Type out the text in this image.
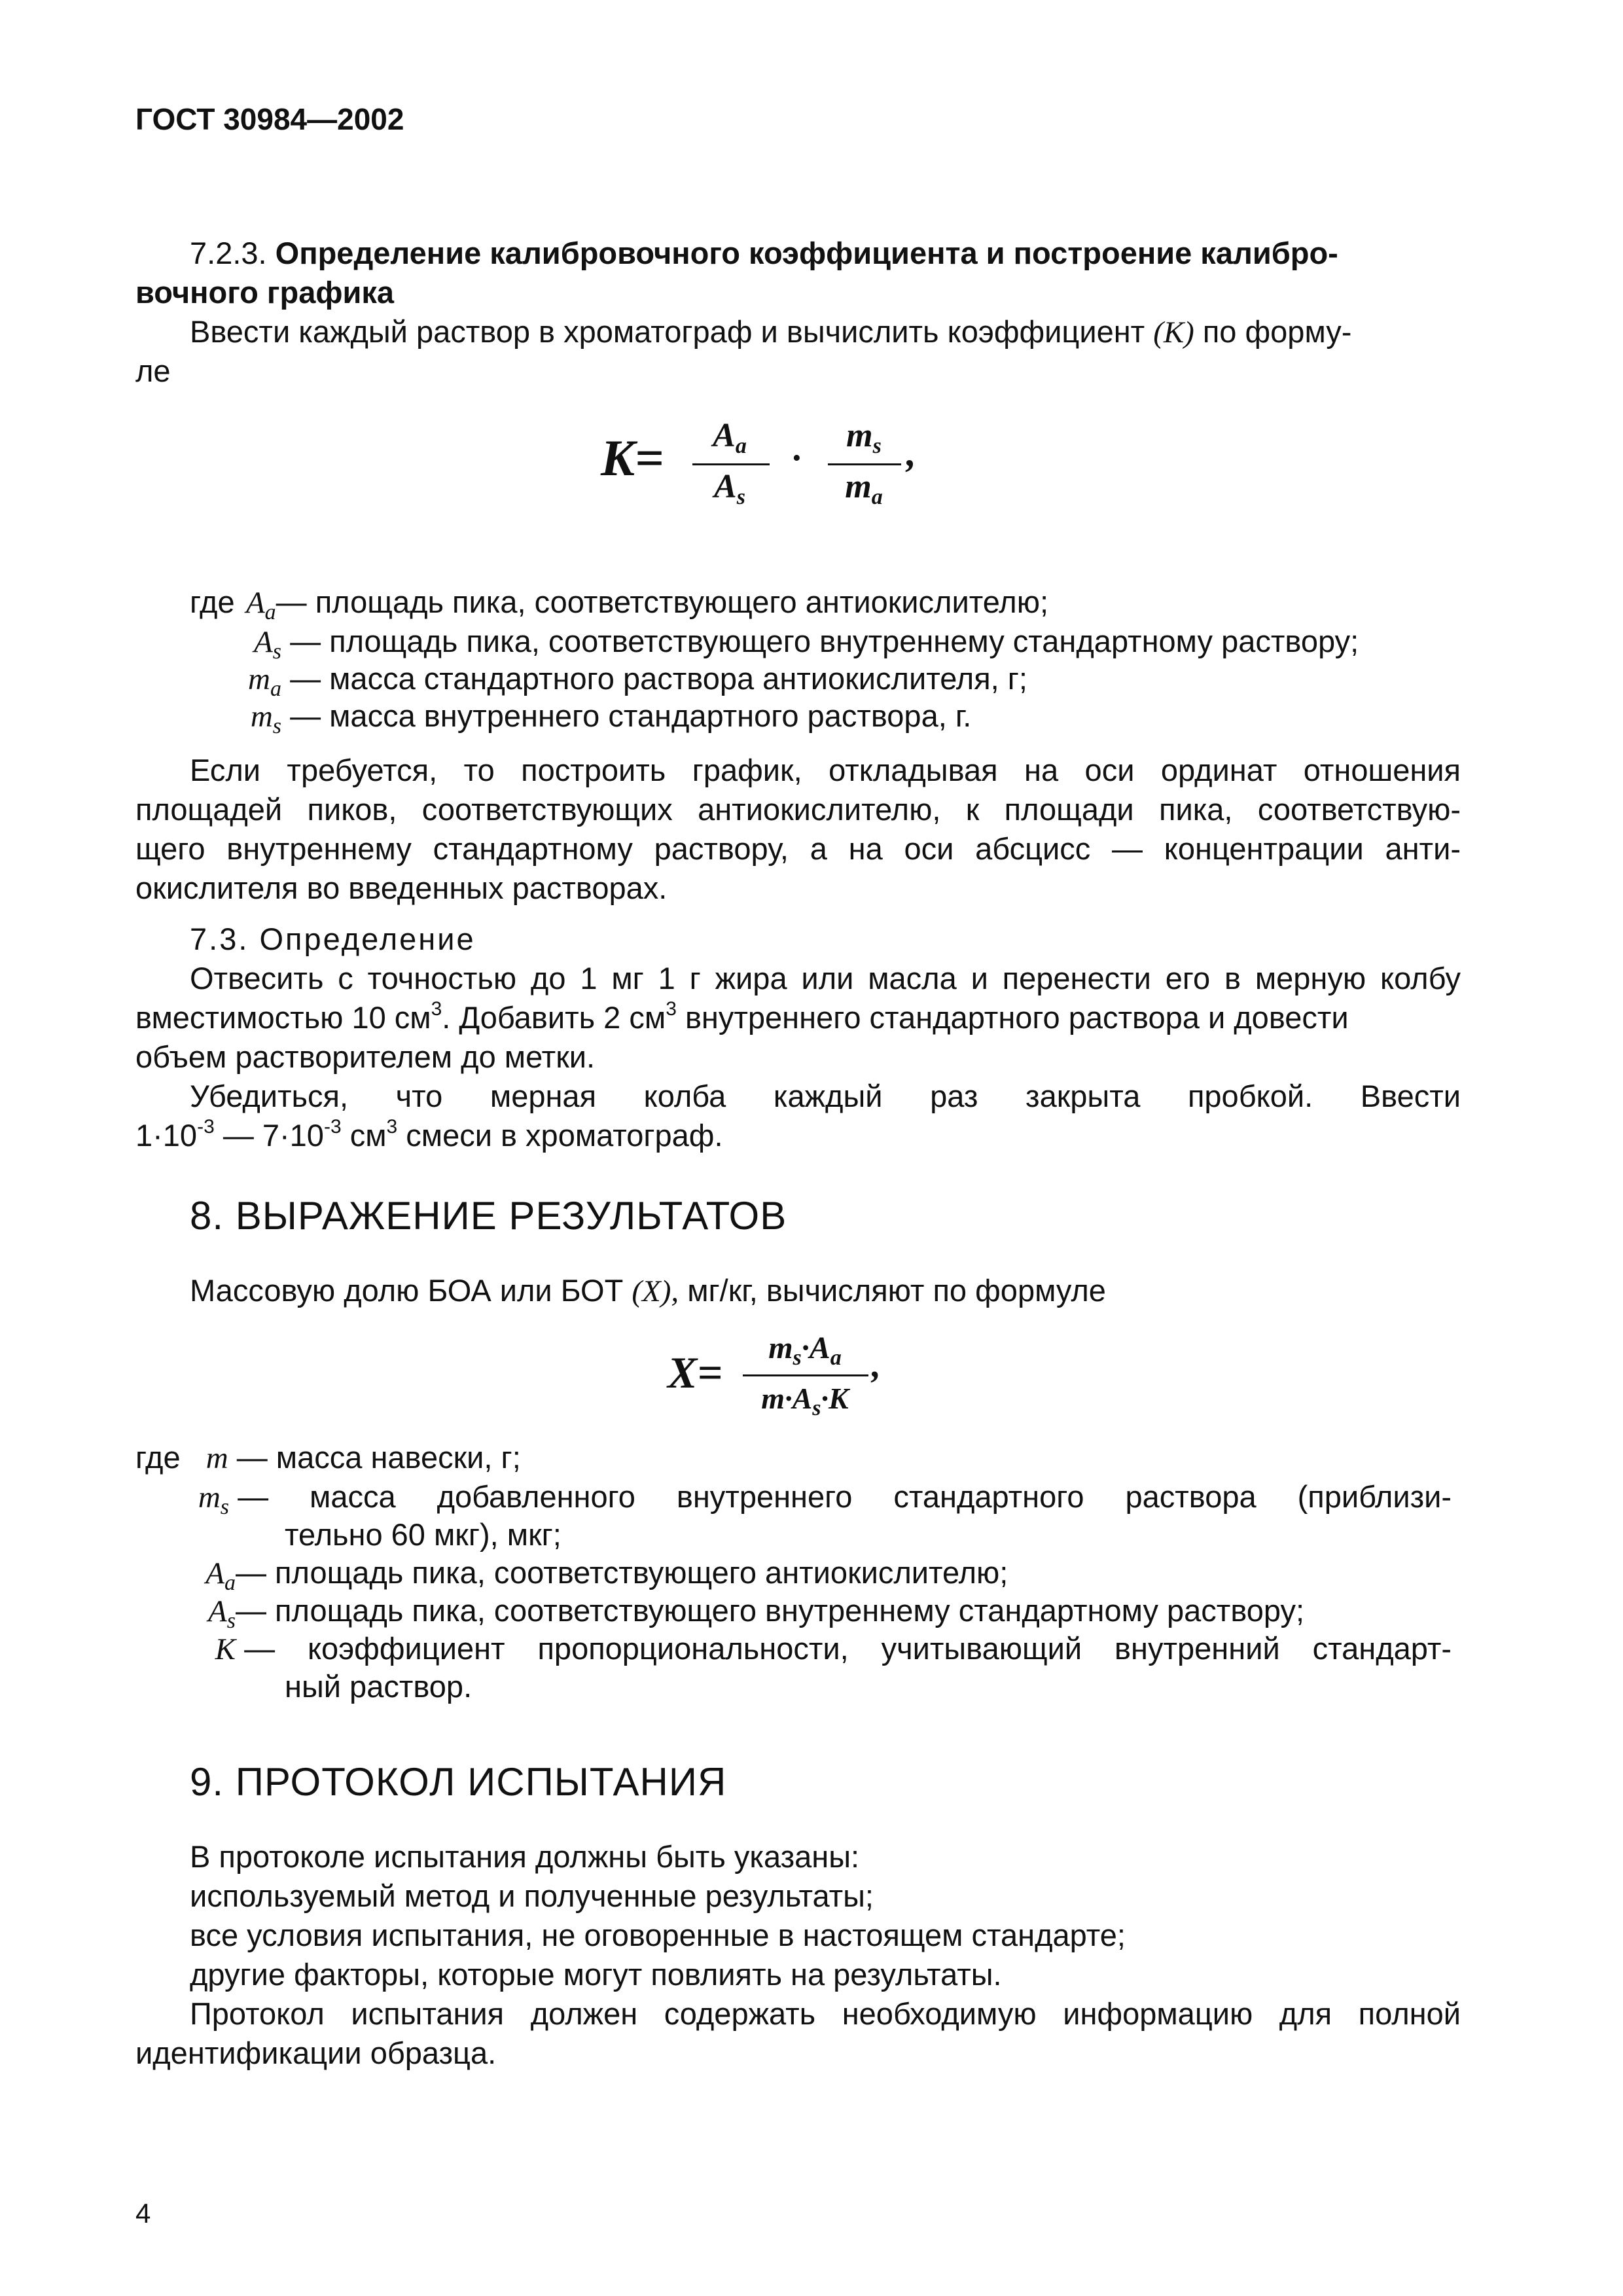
ГОСТ 30984—2002
7.2.3. Определение калибровочного коэффициента и построение калибро-
вочного графика
Ввести каждый раствор в хроматограф и вычислить коэффициент (К) по форму-
ле
K=	$A_a$
$A_s$
·
$m_s$
$m_a$
,
где $A_a—$ площадь пика, соответствующего антиокислителю;
$A_s$ — площадь пика, соответствующего внутреннему стандартному раствору;
$m_a$ — масса стандартного раствора антиокислителя, г;
$m_s$ — масса внутреннего стандартного раствора, г.
Если требуется, то построить график, откладывая на оси ординат отношения
площадей пиков, соответствующих антиокислителю, к площади пика, соответствую-
щего внутреннему стандартному раствору, а на оси абсцисс — концентрации анти-
окислителя во введенных растворах.
7.3. Определение
Отвесить с точностью до 1 мг 1 г жира или масла и перенести его в мерную колбу
вместимостью 10 $см^3$. Добавить 2 $см^3$ внутреннего стандартного раствора и довести
объем растворителем до метки.
Убедиться, что мерная колба каждый раз закрыта пробкой. Ввести
$1\cdot 10^{-3}$ — $7\cdot 10^{-3}$ $см^3$ смеси в хроматограф.
8. ВЫРАЖЕНИЕ РЕЗУЛЬТАТОВ
Массовую долю БОА или БОТ (X), мг/кг, вычисляют по формуле
X=	$m_s\cdot A_a$
$m\cdot A_s\cdot K$
,
где m — масса навески, г;
$m_s$ — масса добавленного внутреннего стандартного раствора (приблизи-
тельно 60 мкг), мкг;
$A_a—$ площадь пика, соответствующего антиокислителю;
$A_s—$ площадь пика, соответствующего внутреннему стандартному раствору;
K — коэффициент пропорциональности, учитывающий внутренний стандарт-
ный раствор.
9. ПРОТОКОЛ ИСПЫТАНИЯ
В протоколе испытания должны быть указаны:
используемый метод и полученные результаты;
все условия испытания, не оговоренные в настоящем стандарте;
другие факторы, которые могут повлиять на результаты.
Протокол испытания должен содержать необходимую информацию для полной
идентификации образца.
4
